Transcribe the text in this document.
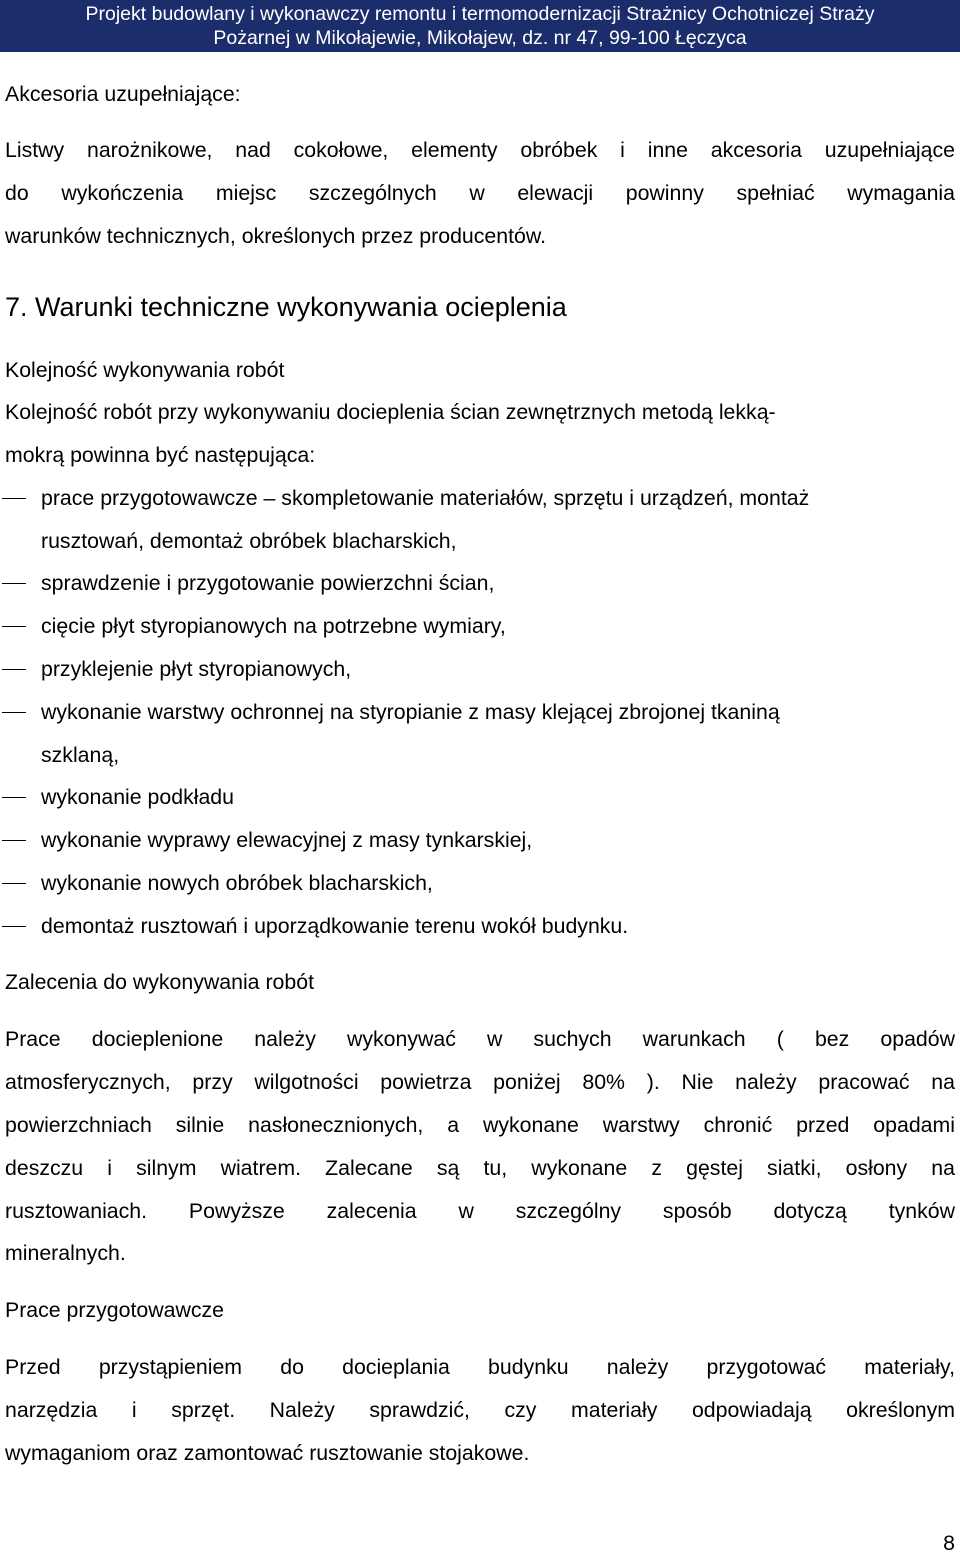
Projekt budowlany i wykonawczy remontu i termomodernizacji Strażnicy Ochotniczej Straży
Pożarnej w Mikołajewie, Mikołajew, dz. nr 47, 99-100 Łęczyca
Akcesoria uzupełniające:
Listwy narożnikowe, nad cokołowe, elementy obróbek i inne akcesoria uzupełniające
do wykończenia miejsc szczególnych w elewacji powinny spełniać wymagania
warunków technicznych, określonych przez producentów.
7. Warunki techniczne wykonywania ocieplenia
Kolejność wykonywania robót
Kolejność robót przy wykonywaniu docieplenia ścian zewnętrznych metodą lekką-
mokrą powinna być następująca:
prace przygotowawcze – skompletowanie materiałów, sprzętu i urządzeń, montaż
rusztowań, demontaż obróbek blacharskich,
sprawdzenie i przygotowanie powierzchni ścian,
cięcie płyt styropianowych na potrzebne wymiary,
przyklejenie płyt styropianowych,
wykonanie warstwy ochronnej na styropianie z masy klejącej zbrojonej tkaniną
szklaną,
wykonanie podkładu
wykonanie wyprawy elewacyjnej z masy tynkarskiej,
wykonanie nowych obróbek blacharskich,
demontaż rusztowań i uporządkowanie terenu wokół budynku.
Zalecenia do wykonywania robót
Prace docieplenione należy wykonywać w suchych warunkach ( bez opadów
atmosferycznych, przy wilgotności powietrza poniżej 80% ). Nie należy pracować na
powierzchniach silnie nasłonecznionych, a wykonane warstwy chronić przed opadami
deszczu i silnym wiatrem. Zalecane są tu, wykonane z gęstej siatki, osłony na
rusztowaniach. Powyższe zalecenia w szczególny sposób dotyczą tynków
mineralnych.
Prace przygotowawcze
Przed przystąpieniem do docieplania budynku należy przygotować materiały,
narzędzia i sprzęt. Należy sprawdzić, czy materiały odpowiadają określonym
wymaganiom oraz zamontować rusztowanie stojakowe.
8
